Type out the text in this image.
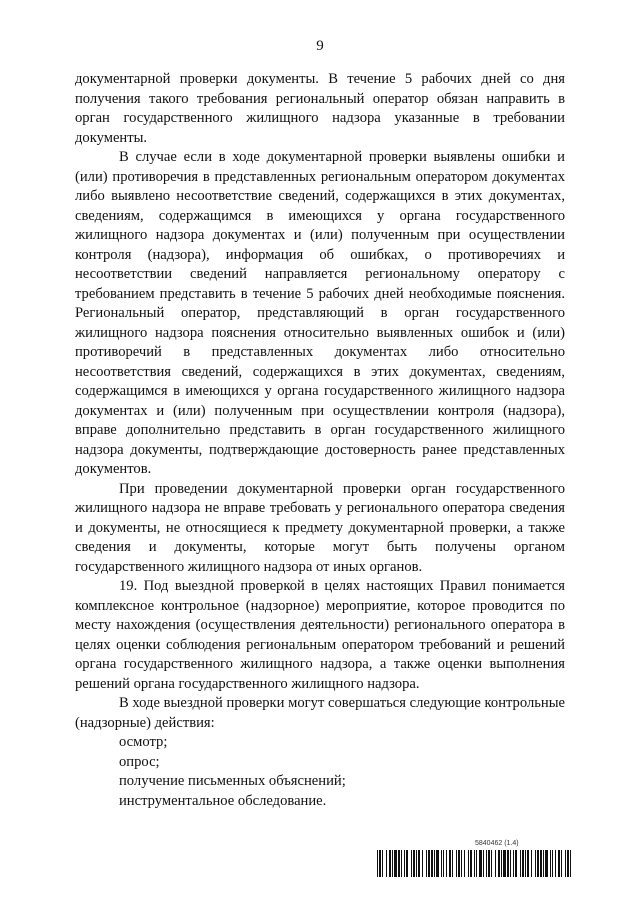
9

документарной проверки документы. В течение 5 рабочих дней со дня получения такого требования региональный оператор обязан направить в орган государственного жилищного надзора указанные в требовании документы.

В случае если в ходе документарной проверки выявлены ошибки и (или) противоречия в представленных региональным оператором документах либо выявлено несоответствие сведений, содержащихся в этих документах, сведениям, содержащимся в имеющихся у органа государственного жилищного надзора документах и (или) полученным при осуществлении контроля (надзора), информация об ошибках, о противоречиях и несоответствии сведений направляется региональному оператору с требованием представить в течение 5 рабочих дней необходимые пояснения. Региональный оператор, представляющий в орган государственного жилищного надзора пояснения относительно выявленных ошибок и (или) противоречий в представленных документах либо относительно несоответствия сведений, содержащихся в этих документах, сведениям, содержащимся в имеющихся у органа государственного жилищного надзора документах и (или) полученным при осуществлении контроля (надзора), вправе дополнительно представить в орган государственного жилищного надзора документы, подтверждающие достоверность ранее представленных документов.

При проведении документарной проверки орган государственного жилищного надзора не вправе требовать у регионального оператора сведения и документы, не относящиеся к предмету документарной проверки, а также сведения и документы, которые могут быть получены органом государственного жилищного надзора от иных органов.

19. Под выездной проверкой в целях настоящих Правил понимается комплексное контрольное (надзорное) мероприятие, которое проводится по месту нахождения (осуществления деятельности) регионального оператора в целях оценки соблюдения региональным оператором требований и решений органа государственного жилищного надзора, а также оценки выполнения решений органа государственного жилищного надзора.

В ходе выездной проверки могут совершаться следующие контрольные (надзорные) действия:

осмотр;

опрос;

получение письменных объяснений;

инструментальное обследование.

5840462 (1.4)
